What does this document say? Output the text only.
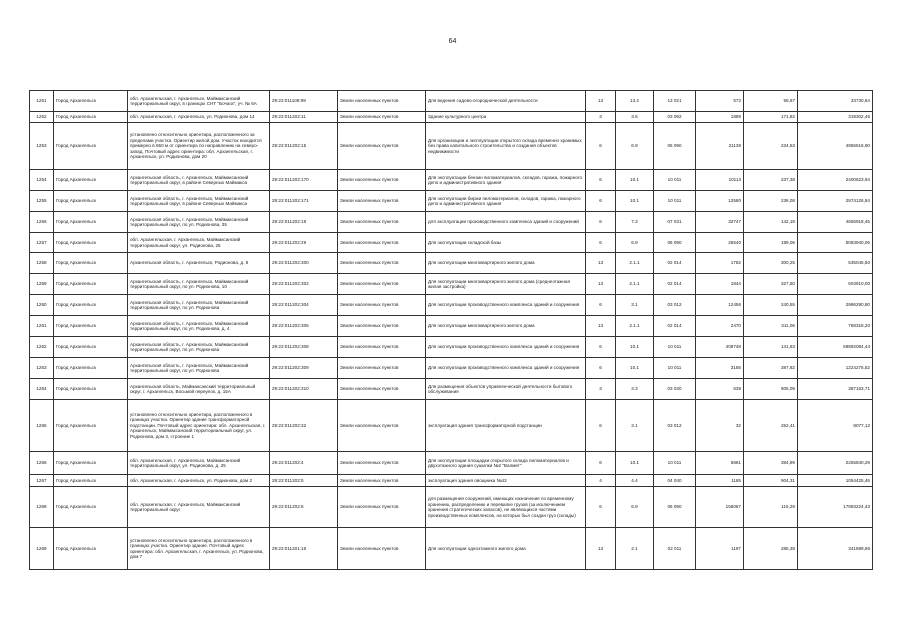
64
1251	Город Архангельск	обл. Архангельская, г. Архангельск, Маймаксанский территориальный округ, в границах СНТ "Бочага", уч. № 6А	29:22:011108:99	Земли населенных пунктов	Для ведения садово-огороднической деятельности	13	13.2	13 021	572	58,97	33730,84
1252	Город Архангельск	обл. Архангельская, г. Архангельск, ул. Родионова, дом 14	29:22:011202:11	Земли населенных пунктов	Здание культурного центра	3	3.6	03 092	1859	171,82	319302,45
1253	Город Архангельск	установлено относительно ориентира, расположенного за пределами участка. Ориентир жилой дом. Участок находится примерно в 650 м от ориентира по направлению на северо-запад. Почтовый адрес ориентира: обл. Архангельская, г. Архангельск, ул. Родионова, дом 20	29:22:011202:15	Земли населенных пунктов	Для организации и эксплуатации открытого склада временно хранимых без права капитального строительства и создания объектов недвижимости	6	6.9	06 090	21136	234,53	4955516,90
1254	Город Архангельск	Архангельская область, г. Архангельск, Маймаксанский территориальный округ, в районе Северных Маймакса	29:22:011202:170	Земли населенных пунктов	Для эксплуатации бензин пиломатериалов, складов, гаража, пожарного депо и административного здания	6	10.1	10 011	10113	237,38	2400623,94
1255	Город Архангельск	Архангельская область, г. Архангельск, Маймаксанский территориальный округ, в районе Северных Маймакса	29:22:011202:171	Земли населенных пунктов	Для эксплуатации биржи пиломатериалов, складов, гаража, пожарного депо и административного здания	6	10.1	10 011	12580	236,08	2974126,84
1256	Город Архангельск	Архангельская область, г. Архангельск, Маймаксанский территориальный округ, по ул. Родионова, 35	29:22:011202:18	Земли населенных пунктов	для эксплуатации производственного комплекса зданий и сооружений	6	7.3	07 031	32747	142,18	4655918,45
1257	Город Архангельск	обл. Архангельская, г. Архангельск, Маймаксанский территориальный округ, ул. Родионова, 25	29:22:011202:29	Земли населенных пунктов	Для эксплуатации складской базы	6	6.9	06 090	25540	199,06	5083940,06
1258	Город Архангельск	Архангельская область, г. Архангельск, Родионова, д. 8	29:22:011202:300	Земли населенных пунктов	Для эксплуатации многоквартирного жилого дома	13	2.1.1	02 014	1782	300,25	535045,50
1259	Город Архангельск	Архангельская область, г. Архангельск, Маймаксанский территориальный округ, по ул. Родионова, 10	29:22:011202:302	Земли населенных пунктов	Для эксплуатации многоквартирного жилого дома (среднеэтажная жилая застройка)	13	2.1.1	02 014	1844	327,50	603910,00
1260	Город Архангельск	Архангельская область, г. Архангельск, Маймаксанский территориальный округ, по ул. Родионова	29:22:011202:304	Земли населенных пунктов	Для эксплуатации производственного комплекса зданий и сооружения	6	3.1	03 012	12456	240,55	2996290,80
1261	Город Архангельск	Архангельская область, г. Архангельск, Маймаксанский территориальный округ, по ул. Родионова, д. 4	29:22:011202:306	Земли населенных пунктов	Для эксплуатации многоквартирного жилого дома	13	2.1.1	02 014	2470	311,06	768318,20
1262	Город Архангельск	Архангельская область, г. Архангельск, Маймаксанский территориальный округ, по ул. Родионова	29:22:011202:308	Земли населенных пунктов	Для эксплуатации производственного комплекса зданий и сооружения	6	10.1	10 011	408748	141,63	58892084,44
1263	Город Архангельск	Архангельская область, г. Архангельск, Маймаксанский территориальный округ, по ул. Родионова	29:22:011202:309	Земли населенных пунктов	Для эксплуатации производственного комплекса зданий и сооружения	6	10.1	10 011	3156	387,82	1224275,52
1264	Город Архангельск	Архангельская область, Маймаксанский территориальный округ, г. Архангельск, Восьмой переулок, д. 15А	29:22:011202:310	Земли населенных пунктов	Для размещения объектов управленческой деятельности бытового обслуживания	3	3.3	03 030	639	605,09	387163,71
1265	Город Архангельск	установлено относительно ориентира, расположенного в границах участка. Ориентир здание трансформаторной подстанции. Почтовый адрес ориентира: обл. Архангельская, г. Архангельск, Маймаксанский территориальный округ, ул. Родионова, дом 3, строение 1	29:22:011202:32	Земли населенных пунктов	эксплуатация здания трансформаторной подстанции	6	3.1	03 012	32	252,41	8077,12
1266	Город Архангельск	обл. Архангельская, г. Архангельск, Маймаксанский территориальный округ, ул. Родионова, д. 25	29:22:011202:4	Земли населенных пунктов	Для эксплуатации площадки открытого склада пиломатериалов и двухэтажного здания сушилки №2 "Валмет"	6	10.1	10 011	5861	384,89	2255840,29
1267	Город Архангельск	обл. Архангельская, г. Архангельск, ул. Родионова, дом 2	29:22:011202:5	Земли населенных пунктов	эксплуатация здания овощника №43	4	4.4	04 040	1165	904,31	1054425,46
1268	Город Архангельск	обл. Архангельская, г. Архангельск, Маймаксанский территориальный округ	29:22:011202:6	Земли населенных пунктов	для размещения сооружений, имеющих назначение по временному хранению, распределению и перевалке грузов (за исключением хранения стратегических запасов), не являющихся частями производственных комплексов, на которых был создан груз (склады)	6	6.9	06 090	156067	115,29	17993224,43
1269	Город Архангельск	установлено относительно ориентира, расположенного в границах участка. Ориентир здание. Почтовый адрес ориентира: обл. Архангельская, г. Архангельск, ул. Родионова, дом 7	29:22:011201:16	Земли населенных пунктов	Для эксплуатации одноэтажного жилого дома	13	2.1	02 011	1197	285,38	341599,86
